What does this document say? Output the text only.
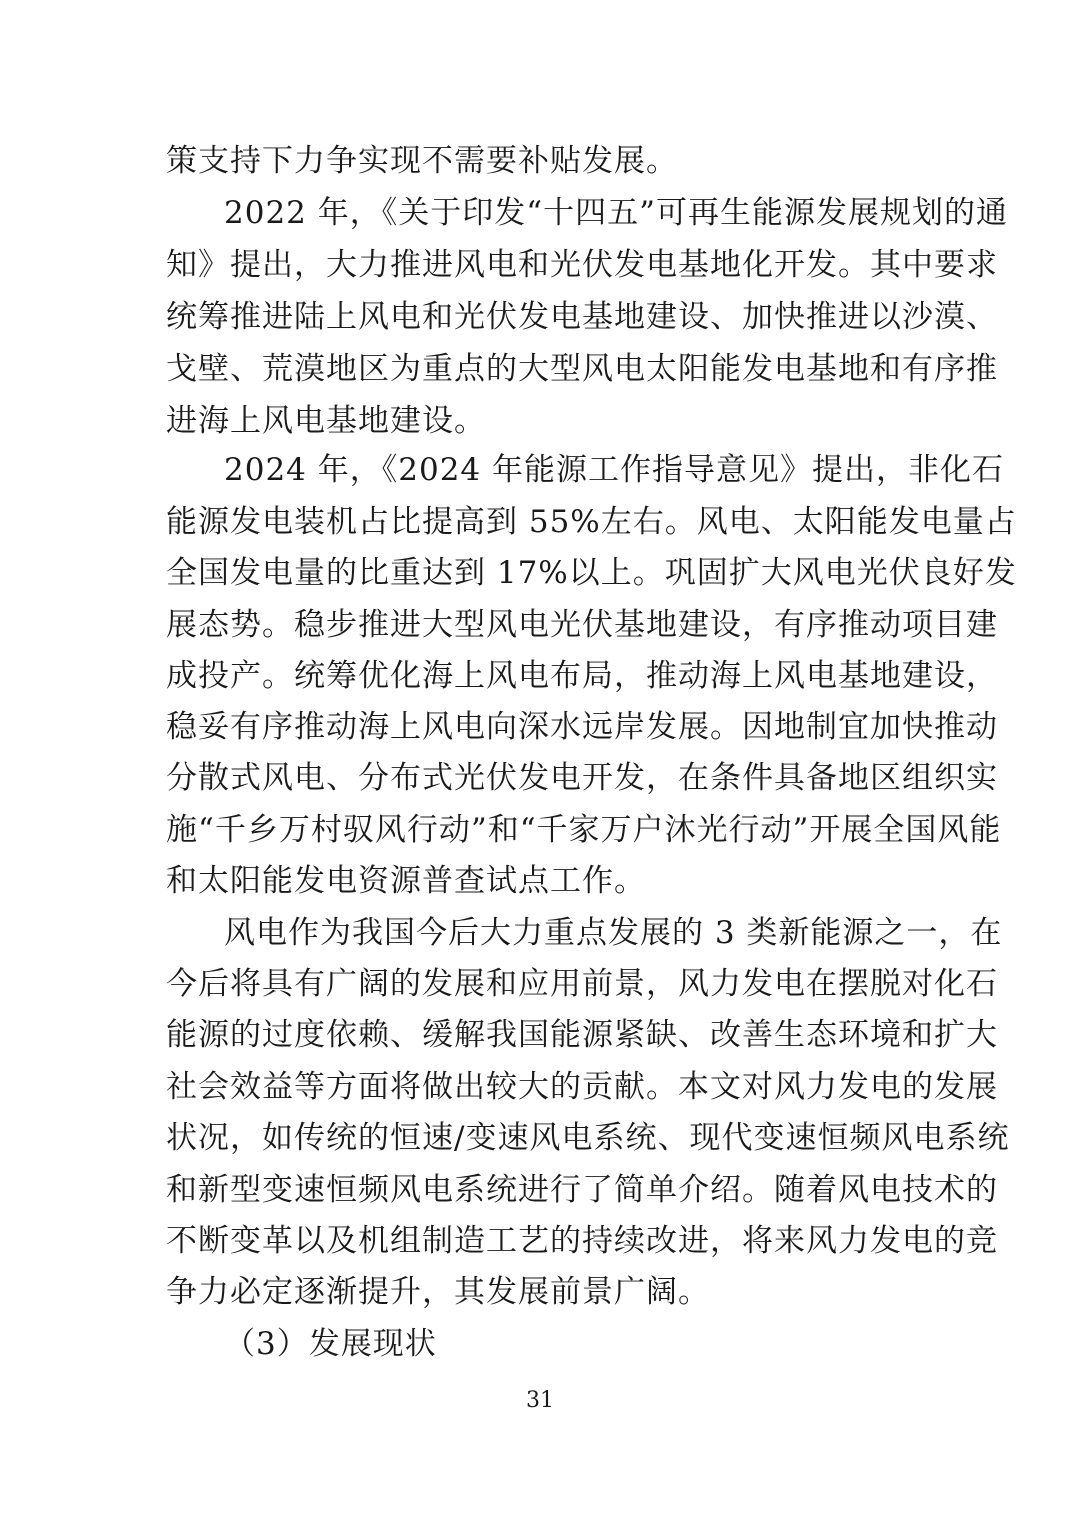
策支持下力争实现不需要补贴发展。
2022 年，《关于印发“十四五”可再生能源发展规划的通
知》提出，大力推进风电和光伏发电基地化开发。其中要求
统筹推进陆上风电和光伏发电基地建设、加快推进以沙漠、
戈壁、荒漠地区为重点的大型风电太阳能发电基地和有序推
进海上风电基地建设。
2024 年，《2024 年能源工作指导意见》提出，非化石
能源发电装机占比提高到 55%左右。风电、太阳能发电量占
全国发电量的比重达到 17%以上。巩固扩大风电光伏良好发
展态势。稳步推进大型风电光伏基地建设，有序推动项目建
成投产。统筹优化海上风电布局，推动海上风电基地建设，
稳妥有序推动海上风电向深水远岸发展。因地制宜加快推动
分散式风电、分布式光伏发电开发，在条件具备地区组织实
施“千乡万村驭风行动”和“千家万户沐光行动”开展全国风能
和太阳能发电资源普查试点工作。
风电作为我国今后大力重点发展的 3 类新能源之一，在
今后将具有广阔的发展和应用前景，风力发电在摆脱对化石
能源的过度依赖、缓解我国能源紧缺、改善生态环境和扩大
社会效益等方面将做出较大的贡献。本文对风力发电的发展
状况，如传统的恒速/变速风电系统、现代变速恒频风电系统
和新型变速恒频风电系统进行了简单介绍。随着风电技术的
不断变革以及机组制造工艺的持续改进，将来风力发电的竞
争力必定逐渐提升，其发展前景广阔。
（3）发展现状
31
